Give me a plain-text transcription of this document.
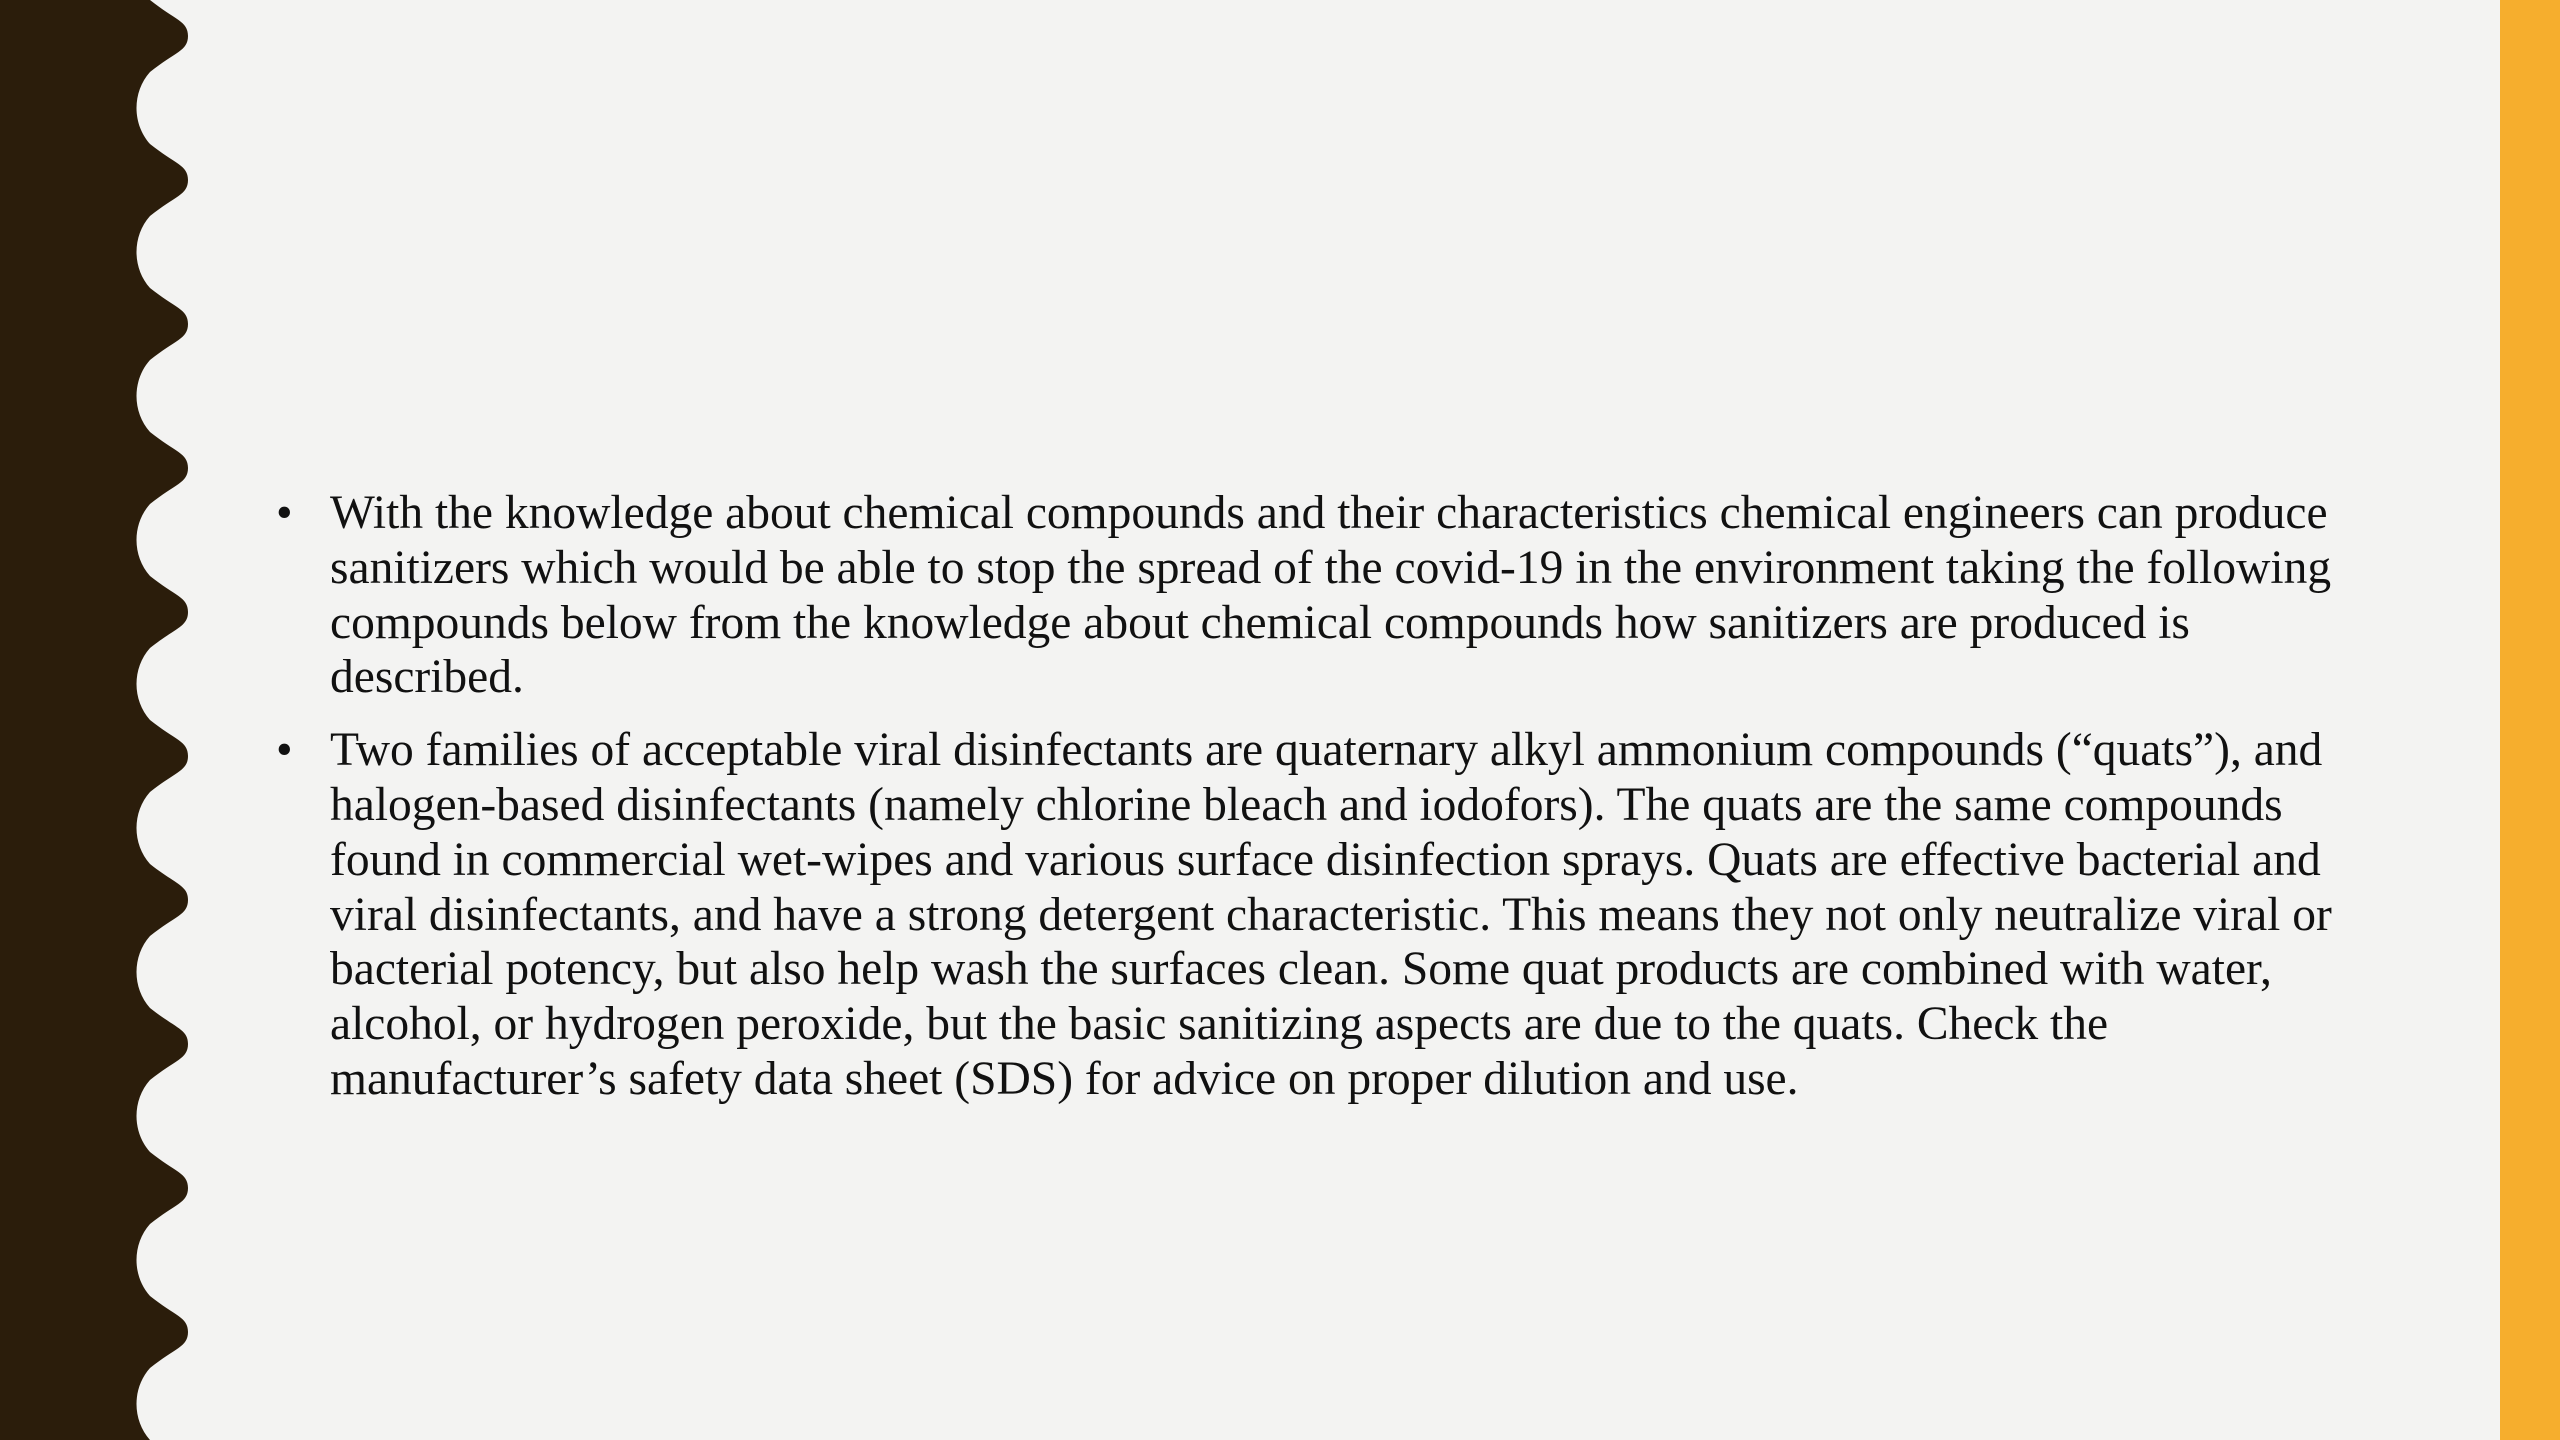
• With the knowledge about chemical compounds and their characteristics chemical engineers can produce sanitizers which would be able to stop the spread of the covid-19 in the environment taking the following compounds below from the knowledge about chemical compounds how sanitizers are produced is described.
• Two families of acceptable viral disinfectants are quaternary alkyl ammonium compounds (“quats”), and halogen-based disinfectants (namely chlorine bleach and iodofors). The quats are the same compounds found in commercial wet-wipes and various surface disinfection sprays. Quats are effective bacterial and viral disinfectants, and have a strong detergent characteristic. This means they not only neutralize viral or bacterial potency, but also help wash the surfaces clean. Some quat products are combined with water, alcohol, or hydrogen peroxide, but the basic sanitizing aspects are due to the quats. Check the manufacturer’s safety data sheet (SDS) for advice on proper dilution and use.
